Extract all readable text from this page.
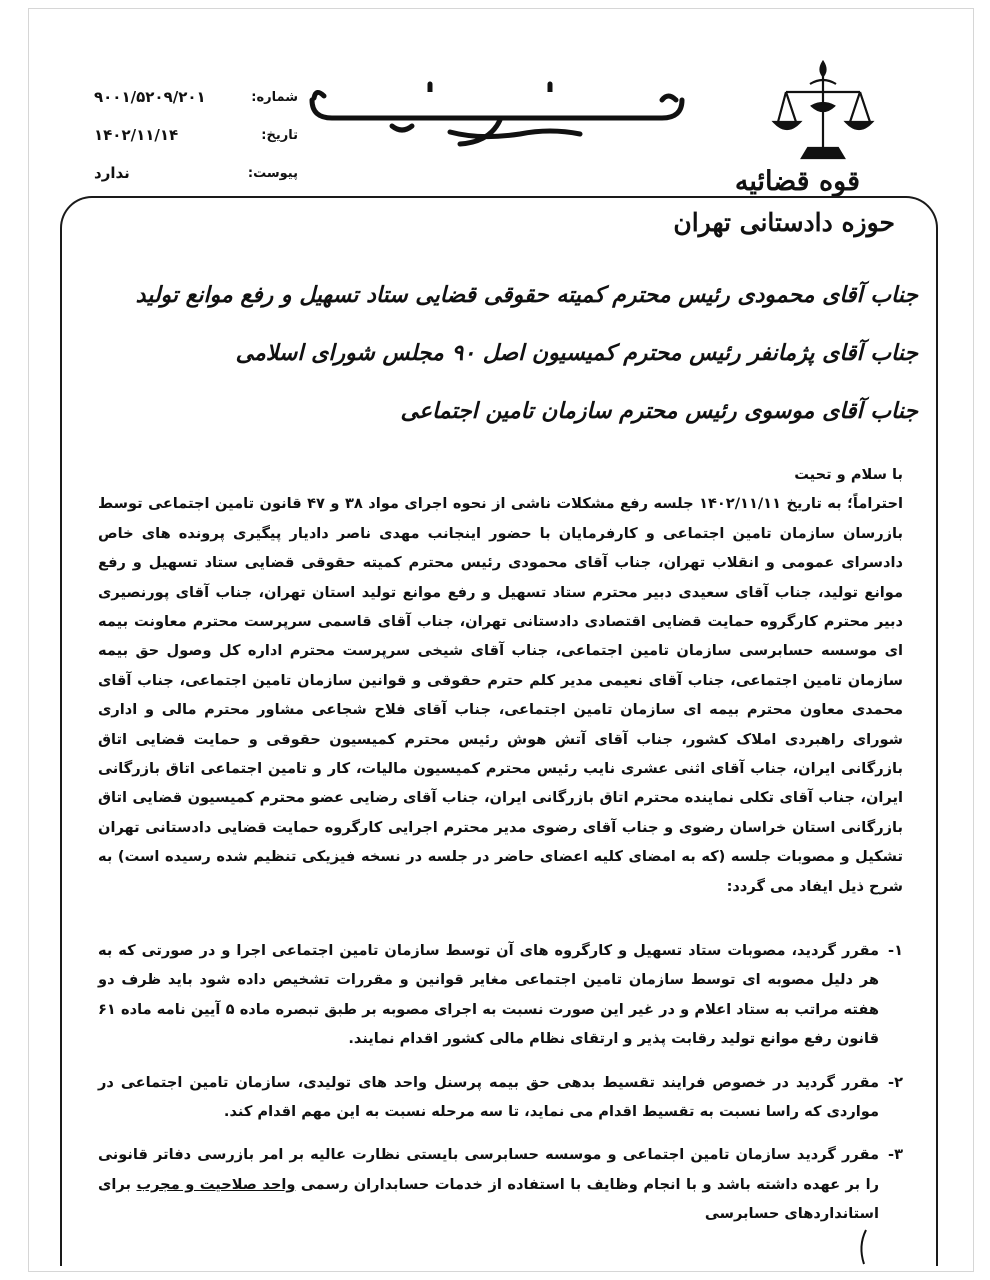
قوه قضائیه
حوزه دادستانی تهران
شماره:
۹۰۰۱/۵۲۰۹/۲۰۱
تاریخ:
۱۴۰۲/۱۱/۱۴
پیوست:
ندارد
جناب آقای محمودی رئیس محترم کمیته حقوقی قضایی ستاد تسهیل و رفع موانع تولید
جناب آقای پژمانفر رئیس محترم کمیسیون اصل ۹۰ مجلس شورای اسلامی
جناب آقای موسوی رئیس محترم سازمان تامین اجتماعی

با سلام و تحیت

احتراماً؛ به تاریخ ۱۴۰۲/۱۱/۱۱ جلسه رفع مشکلات ناشی از نحوه اجرای مواد ۳۸ و ۴۷ قانون تامین اجتماعی توسط بازرسان سازمان تامین اجتماعی و کارفرمایان با حضور اینجانب مهدی ناصر دادیار پیگیری پرونده های خاص دادسرای عمومی و انقلاب تهران، جناب آقای محمودی رئیس محترم کمیته حقوقی قضایی ستاد تسهیل و رفع موانع تولید، جناب آقای سعیدی دبیر محترم ستاد تسهیل و رفع موانع تولید استان تهران، جناب آقای پورنصیری دبیر محترم کارگروه حمایت قضایی اقتصادی دادستانی تهران، جناب آقای قاسمی سرپرست محترم معاونت بیمه ای موسسه حسابرسی سازمان تامین اجتماعی، جناب آقای شیخی سرپرست محترم اداره کل وصول حق بیمه سازمان تامین اجتماعی، جناب آقای نعیمی مدیر کلم حترم حقوقی و قوانین سازمان تامین اجتماعی، جناب آقای محمدی معاون محترم بیمه ای سازمان تامین اجتماعی، جناب آقای فلاح شجاعی مشاور محترم مالی و اداری شورای راهبردی املاک کشور، جناب آقای آتش هوش رئیس محترم کمیسیون حقوقی و حمایت قضایی اتاق بازرگانی ایران، جناب آقای اثنی عشری نایب رئیس محترم کمیسیون مالیات، کار و تامین اجتماعی اتاق بازرگانی ایران، جناب آقای تکلی نماینده محترم اتاق بازرگانی ایران، جناب آقای رضایی عضو محترم کمیسیون قضایی اتاق بازرگانی استان خراسان رضوی و جناب آقای رضوی مدیر محترم اجرایی کارگروه حمایت قضایی دادستانی تهران تشکیل و مصوبات جلسه (که به امضای کلیه اعضای حاضر در جلسه در نسخه فیزیکی تنظیم شده رسیده است) به شرح ذیل ایفاد می گردد:

۱-
مقرر گردید، مصوبات ستاد تسهیل و کارگروه های آن توسط سازمان تامین اجتماعی اجرا و در صورتی که به هر دلیل مصوبه ای توسط سازمان تامین اجتماعی مغایر قوانین و مقررات تشخیص داده شود باید ظرف دو هفته مراتب به ستاد اعلام و در غیر این صورت نسبت به اجرای مصوبه بر طبق تبصره ماده ۵ آیین نامه ماده ۶۱ قانون رفع موانع تولید رقابت پذیر و ارتقای نظام مالی کشور اقدام نمایند.
۲-
مقرر گردید در خصوص فرایند تقسیط بدهی حق بیمه پرسنل واحد های تولیدی، سازمان تامین اجتماعی در مواردی که راسا نسبت به تقسیط اقدام می نماید، تا سه مرحله نسبت به این مهم اقدام کند.
۳-
مقرر گردید سازمان تامین اجتماعی و موسسه حسابرسی بایستی نظارت عالیه بر امر بازرسی دفاتر قانونی را بر عهده داشته باشد و با انجام وظایف با استفاده از خدمات حسابداران رسمی واحد صلاحیت و مجرب برای استانداردهای حسابرسی
